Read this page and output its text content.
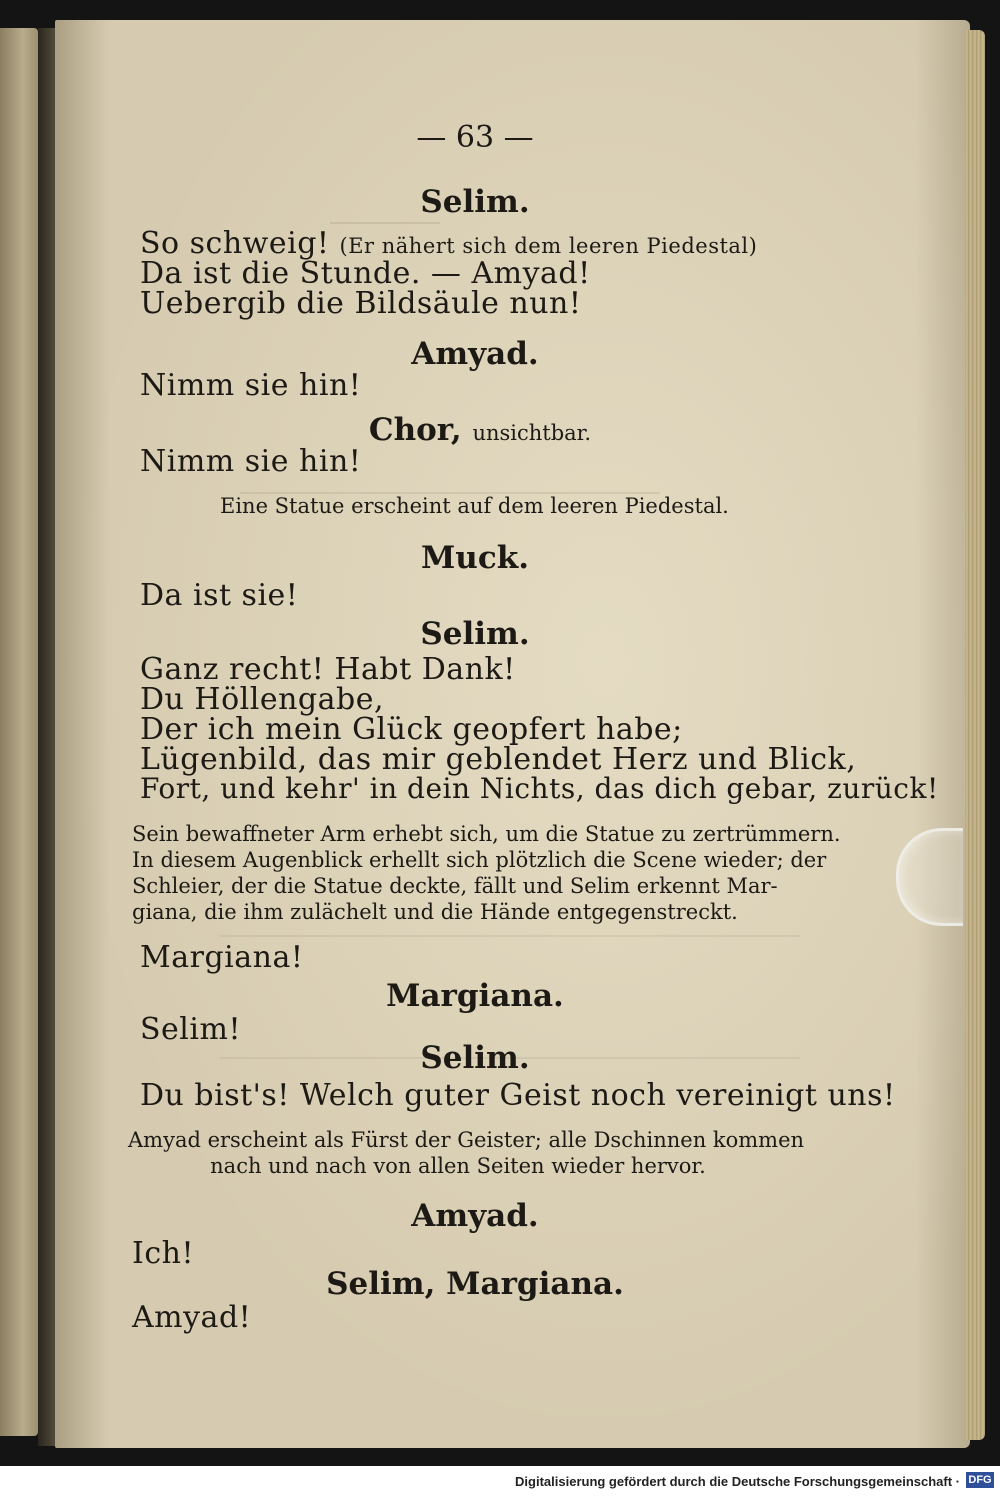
— 63 —
Selim.
So schweig! (Er nähert sich dem leeren Piedestal)
Da ist die Stunde. — Amyad!
Uebergib die Bildsäule nun!
Amyad.
Nimm sie hin!
Chor, unsichtbar.
Nimm sie hin!
Eine Statue erscheint auf dem leeren Piedestal.
Muck.
Da ist sie!
Selim.
Ganz recht! Habt Dank!
Du Höllengabe,
Der ich mein Glück geopfert habe;
Lügenbild, das mir geblendet Herz und Blick,
Fort, und kehr' in dein Nichts, das dich gebar, zurück!
Sein bewaffneter Arm erhebt sich, um die Statue zu zertrümmern.
In diesem Augenblick erhellt sich plötzlich die Scene wieder; der
Schleier, der die Statue deckte, fällt und Selim erkennt Mar-
giana, die ihm zulächelt und die Hände entgegenstreckt.
Margiana!
Margiana.
Selim!
Selim.
Du bist's! Welch guter Geist noch vereinigt uns!
Amyad erscheint als Fürst der Geister; alle Dschinnen kommen
nach und nach von allen Seiten wieder hervor.
Amyad.
Ich!
Selim, Margiana.
Amyad!
Digitalisierung gefördert durch die Deutsche Forschungsgemeinschaft · DFG
